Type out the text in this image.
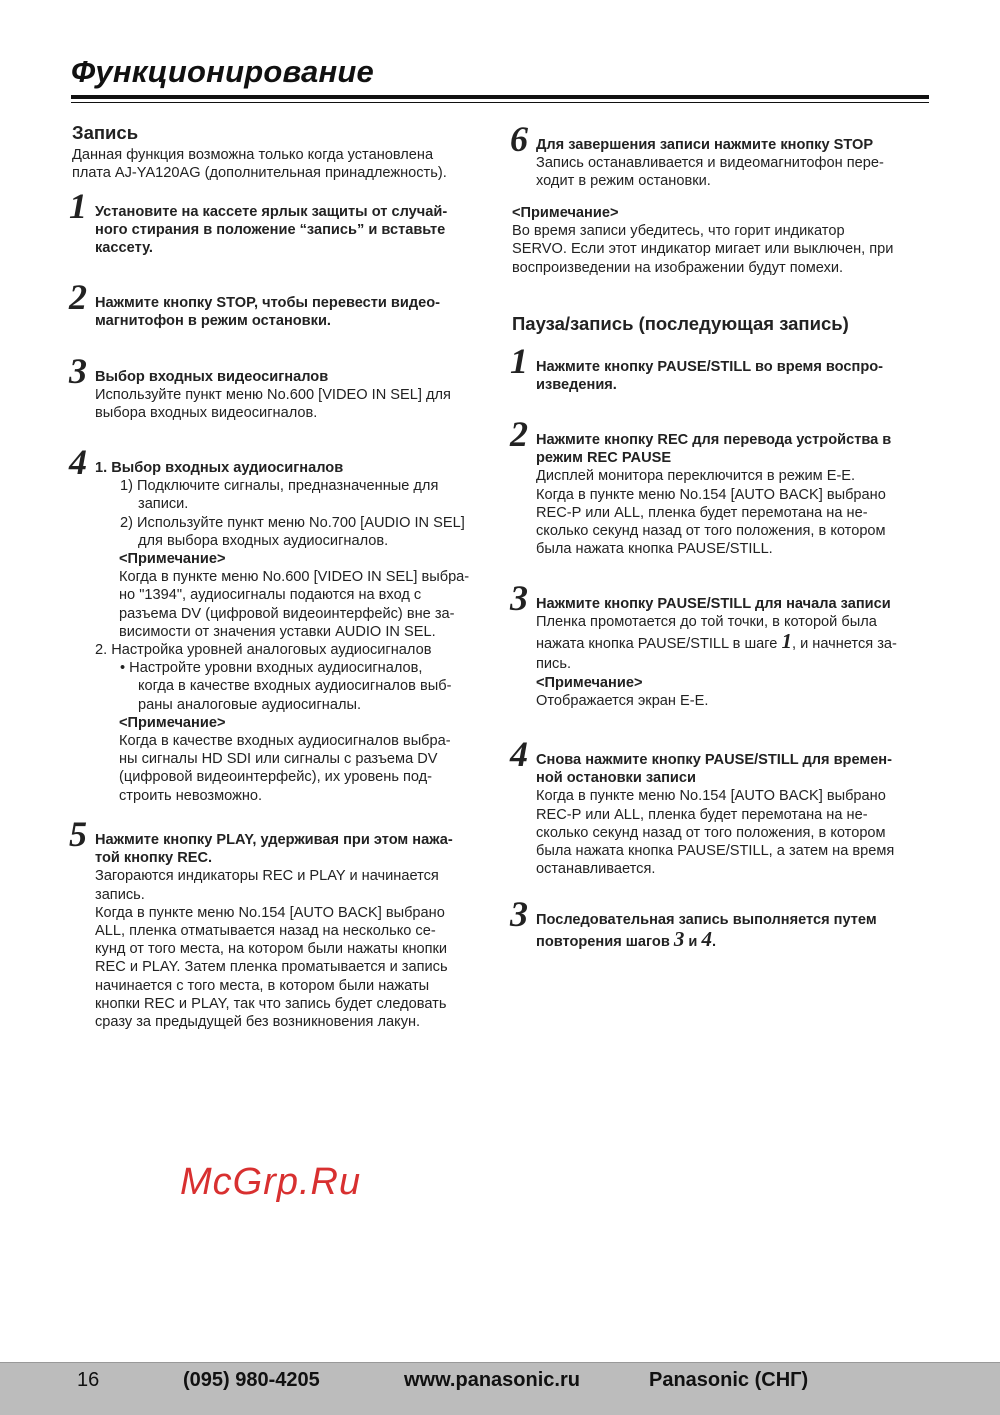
Функционирование
Запись
Данная функция возможна только когда установлена
плата AJ-YA120AG (дополнительная принадлежность).
1 Установите на кассете ярлык защиты от случай-
ного стирания в положение “запись” и вставьте
кассету.
2 Нажмите кнопку STOP, чтобы перевести видео-
магнитофон в режим остановки.
3 Выбор входных видеосигналов
Используйте пункт меню No.600 [VIDEO IN SEL] для
выбора входных видеосигналов.
4 1. Выбор входных аудиосигналов
1) Подключите сигналы, предназначенные для
записи.
2) Используйте пункт меню No.700 [AUDIO IN SEL]
для выбора входных аудиосигналов.
<Примечание>
Когда в пункте меню No.600 [VIDEO IN SEL] выбра-
но "1394", аудиосигналы подаются на вход с
разъема DV (цифровой видеоинтерфейс) вне за-
висимости от значения уставки AUDIO IN SEL.
2. Настройка уровней аналоговых аудиосигналов
• Настройте уровни входных аудиосигналов,
когда в качестве входных аудиосигналов выб-
раны аналоговые аудиосигналы.
<Примечание>
Когда в качестве входных аудиосигналов выбра-
ны сигналы HD SDI или сигналы с разъема DV
(цифровой видеоинтерфейс), их уровень под-
строить невозможно.
5 Нажмите кнопку PLAY, удерживая при этом нажа-
той кнопку REC.
Загораются индикаторы REC и PLAY и начинается
запись.
Когда в пункте меню No.154 [AUTO BACK] выбрано
ALL, пленка отматывается назад на несколько се-
кунд от того места, на котором были нажаты кнопки
REC и PLAY. Затем пленка проматывается и запись
начинается с того места, в котором были нажаты
кнопки REC и PLAY, так что запись будет следовать
сразу за предыдущей без возникновения лакун.
6 Для завершения записи нажмите кнопку STOP
Запись останавливается и видеомагнитофон пере-
ходит в режим остановки.
<Примечание>
Во время записи убедитесь, что горит индикатор
SERVO. Если этот индикатор мигает или выключен, при
воспроизведении на изображении будут помехи.
1 Нажмите кнопку PAUSE/STILL во время воспро-
изведения.
2 Нажмите кнопку REC для перевода устройства в
режим REC PAUSE
Дисплей монитора переключится в режим E-E.
Когда в пункте меню No.154 [AUTO BACK] выбрано
REC-P или ALL, пленка будет перемотана на не-
сколько секунд назад от того положения, в котором
была нажата кнопка PAUSE/STILL.
3 Нажмите кнопку PAUSE/STILL для начала записи
Пленка промотается до той точки, в которой была
нажата кнопка PAUSE/STILL в шаге 1, и начнется за-
пись.
<Примечание>
Отображается экран E-E.
4 Снова нажмите кнопку PAUSE/STILL для времен-
ной остановки записи
Когда в пункте меню No.154 [AUTO BACK] выбрано
REC-P или ALL, пленка будет перемотана на не-
сколько секунд назад от того положения, в котором
была нажата кнопка PAUSE/STILL, а затем на время
останавливается.
3 Последовательная запись выполняется путем
повторения шагов 3 и 4.
Пауза/запись (последующая запись)
McGrp.Ru
16	(095) 980-4205	www.panasonic.ru	Panasonic (СНГ)
